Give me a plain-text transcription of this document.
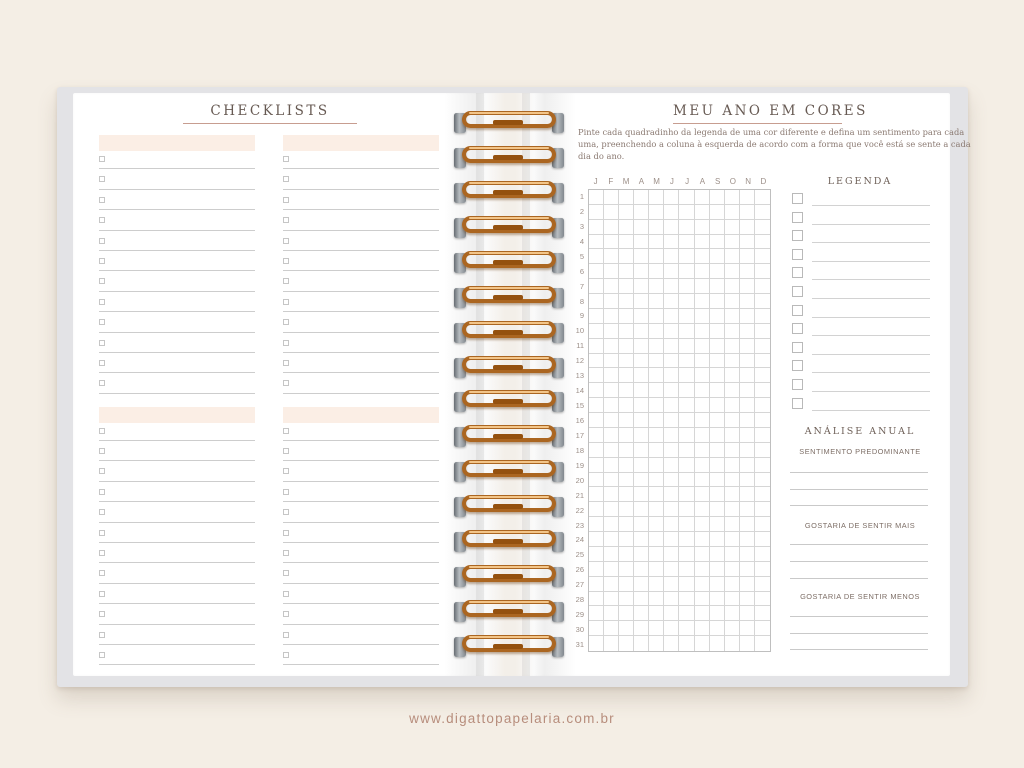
CHECKLISTS	MEU ANO EM CORES
Pinte cada quadradinho da legenda de uma cor diferente e defina um sentimento para cada
uma, preenchendo a coluna à esquerda de acordo com a forma que você está se sente a cada
dia do ano.
J	F	M	A	M	J	J	A	S	O	N	D
1
2
3
4
5
6
7
8
9
10
11
12
13
14
15
16
17
18
19
20
21
22
23
24
25
26
27
28
29
30
31
LEGENDA
ANÁLISE ANUAL
SENTIMENTO PREDOMINANTE
GOSTARIA DE SENTIR MAIS
GOSTARIA DE SENTIR MENOS
www.digattopapelaria.com.br
